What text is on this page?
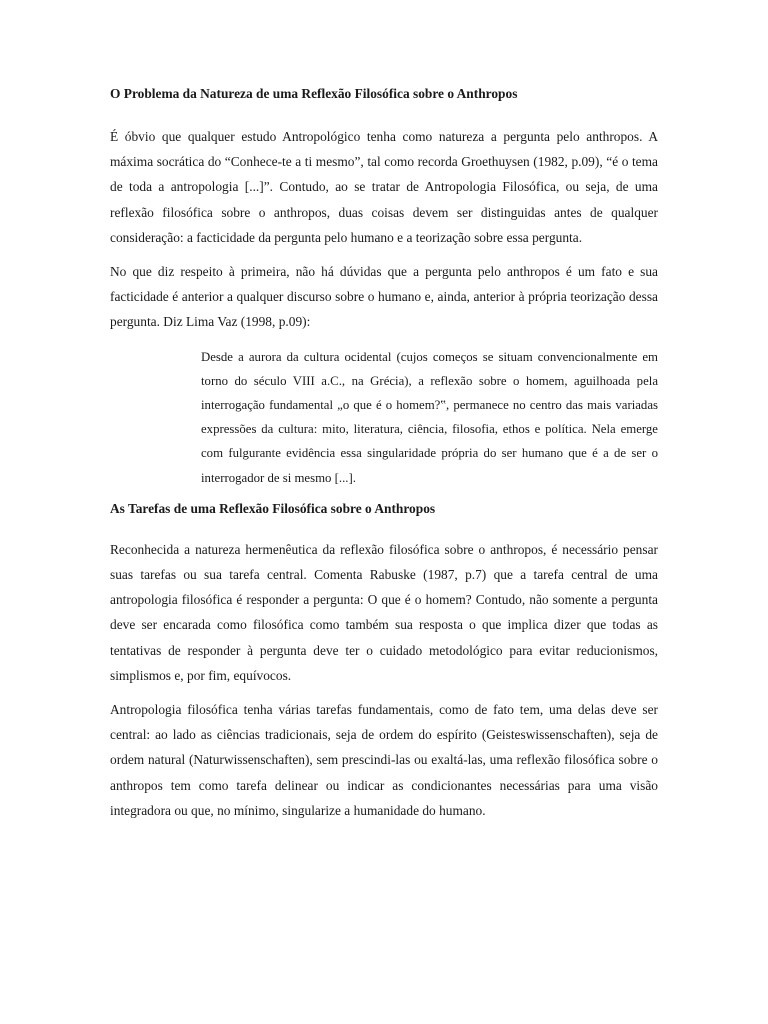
O Problema da Natureza de uma Reflexão Filosófica sobre o Anthropos

É óbvio que qualquer estudo Antropológico tenha como natureza a pergunta pelo anthropos. A máxima socrática do “Conhece-te a ti mesmo”, tal como recorda Groethuysen (1982, p.09), “é o tema de toda a antropologia [...]”. Contudo, ao se tratar de Antropologia Filosófica, ou seja, de uma reflexão filosófica sobre o anthropos, duas coisas devem ser distinguidas antes de qualquer consideração: a facticidade da pergunta pelo humano e a teorização sobre essa pergunta.

No que diz respeito à primeira, não há dúvidas que a pergunta pelo anthropos é um fato e sua facticidade é anterior a qualquer discurso sobre o humano e, ainda, anterior à própria teorização dessa pergunta. Diz Lima Vaz (1998, p.09):

Desde a aurora da cultura ocidental (cujos começos se situam convencionalmente em torno do século VIII a.C., na Grécia), a reflexão sobre o homem, aguilhoada pela interrogação fundamental „o que é o homem?‟, permanece no centro das mais variadas expressões da cultura: mito, literatura, ciência, filosofia, ethos e política. Nela emerge com fulgurante evidência essa singularidade própria do ser humano que é a de ser o interrogador de si mesmo [...].

As Tarefas de uma Reflexão Filosófica sobre o Anthropos

Reconhecida a natureza hermenêutica da reflexão filosófica sobre o anthropos, é necessário pensar suas tarefas ou sua tarefa central. Comenta Rabuske (1987, p.7) que a tarefa central de uma antropologia filosófica é responder a pergunta: O que é o homem? Contudo, não somente a pergunta deve ser encarada como filosófica como também sua resposta o que implica dizer que todas as tentativas de responder à pergunta deve ter o cuidado metodológico para evitar reducionismos, simplismos e, por fim, equívocos.

Antropologia filosófica tenha várias tarefas fundamentais, como de fato tem, uma delas deve ser central: ao lado as ciências tradicionais, seja de ordem do espírito (Geisteswissenschaften), seja de ordem natural (Naturwissenschaften), sem prescindi-las ou exaltá-las, uma reflexão filosófica sobre o anthropos tem como tarefa delinear ou indicar as condicionantes necessárias para uma visão integradora ou que, no mínimo, singularize a humanidade do humano.
